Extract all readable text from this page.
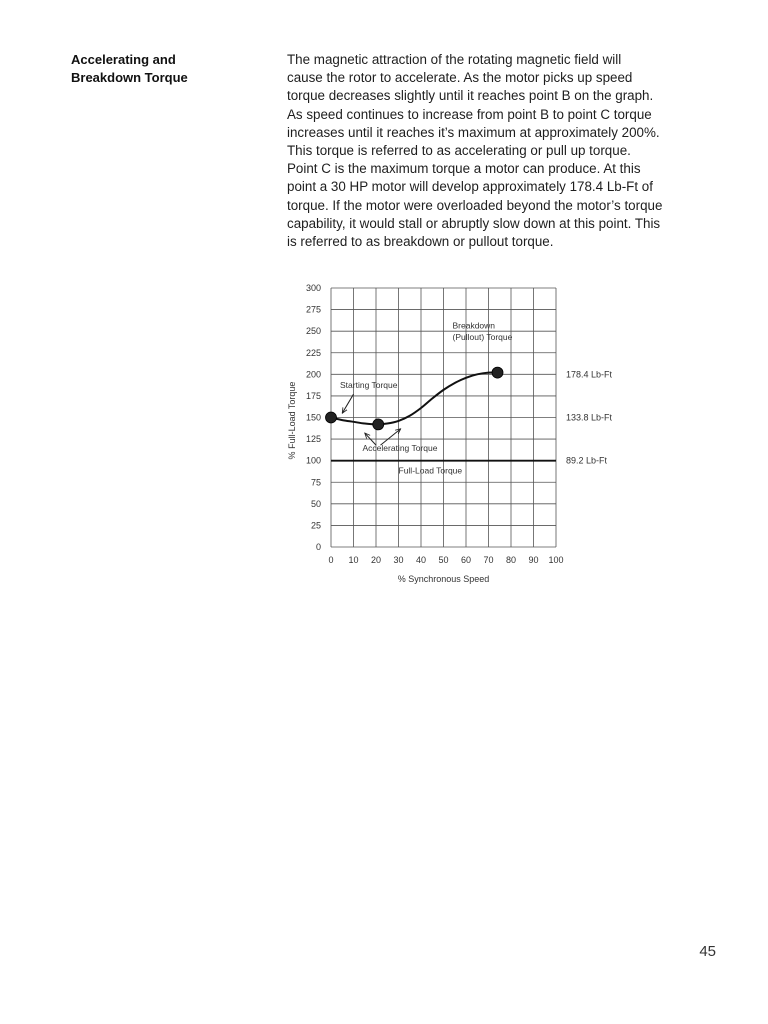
Accelerating and
Breakdown Torque

The magnetic attraction of the rotating magnetic field will
cause the rotor to accelerate. As the motor picks up speed
torque decreases slightly until it reaches point B on the graph.
As speed continues to increase from point B to point C torque
increases until it reaches it’s maximum at approximately 200%.
This torque is referred to as accelerating or pull up torque.
Point C is the maximum torque a motor can produce. At this
point a 30 HP motor will develop approximately 178.4 Lb-Ft of
torque. If the motor were overloaded beyond the motor’s torque
capability, it would stall or abruptly slow down at this point. This
is referred to as breakdown or pullout torque.

0 10 20 30 40 50 60 70 80 90 100
0
25
50
75
100
125
150
175
200
225
250
275
300
% Synchronous Speed
% Full-Load Torque
89.2 Lb-Ft
178.4 Lb-Ft
133.8 Lb-Ft
Breakdown
(Pullout) Torque
Starting Torque
Accelerating Torque
Full-Load Torque
45
